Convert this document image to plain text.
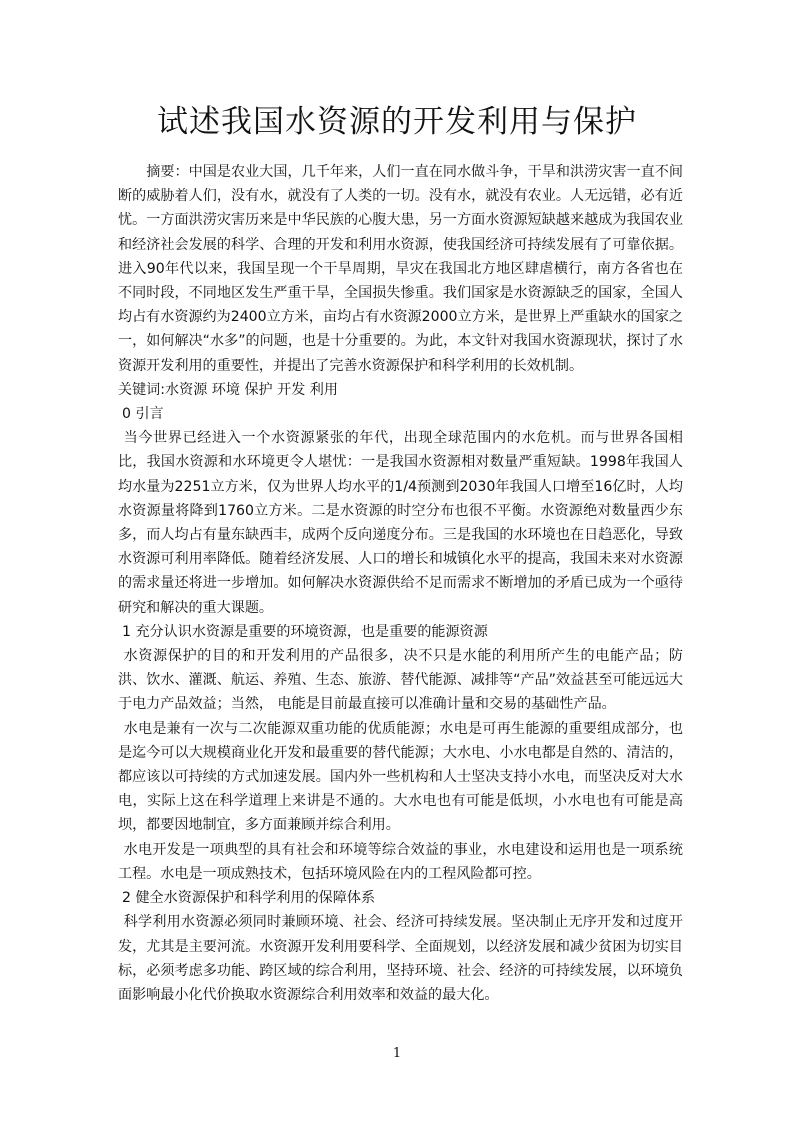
试述我国水资源的开发利用与保护

摘要：中国是农业大国，几千年来，人们一直在同水做斗争，干旱和洪涝灾害一直不间断的威胁着人们，没有水，就没有了人类的一切。没有水，就没有农业。人无远错，必有近忧。一方面洪涝灾害历来是中华民族的心腹大患，另一方面水资源短缺越来越成为我国农业和经济社会发展的科学、合理的开发和利用水资源，使我国经济可持续发展有了可靠依据。进入90年代以来，我国呈现一个干旱周期，旱灾在我国北方地区肆虐横行，南方各省也在不同时段，不同地区发生严重干旱，全国损失惨重。我们国家是水资源缺乏的国家，全国人均占有水资源约为2400立方米，亩均占有水资源2000立方米，是世界上严重缺水的国家之一，如何解决“水多”的问题，也是十分重要的。为此，本文针对我国水资源现状，探讨了水资源开发利用的重要性，并提出了完善水资源保护和科学利用的长效机制。

关键词:水资源 环境 保护 开发 利用

0 引言

当今世界已经进入一个水资源紧张的年代，出现全球范围内的水危机。而与世界各国相比，我国水资源和水环境更令人堪忧：一是我国水资源相对数量严重短缺。1998年我国人均水量为2251立方米，仅为世界人均水平的1/4预测到2030年我国人口增至16亿时，人均水资源量将降到1760立方米。二是水资源的时空分布也很不平衡。水资源绝对数量西少东多，而人均占有量东缺西丰，成两个反向递度分布。三是我国的水环境也在日趋恶化，导致水资源可利用率降低。随着经济发展、人口的增长和城镇化水平的提高，我国未来对水资源的需求量还将进一步增加。如何解决水资源供给不足而需求不断增加的矛盾已成为一个亟待研究和解决的重大课题。

1 充分认识水资源是重要的环境资源，也是重要的能源资源

水资源保护的目的和开发利用的产品很多，决不只是水能的利用所产生的电能产品；防洪、饮水、灌溉、航运、养殖、生态、旅游、替代能源、减排等“产品”效益甚至可能远远大于电力产品效益；当然， 电能是目前最直接可以准确计量和交易的基础性产品。

水电是兼有一次与二次能源双重功能的优质能源；水电是可再生能源的重要组成部分，也是迄今可以大规模商业化开发和最重要的替代能源；大水电、小水电都是自然的、清洁的，都应该以可持续的方式加速发展。国内外一些机构和人士坚决支持小水电，而坚决反对大水电，实际上这在科学道理上来讲是不通的。大水电也有可能是低坝，小水电也有可能是高坝，都要因地制宜，多方面兼顾并综合利用。

水电开发是一项典型的具有社会和环境等综合效益的事业，水电建设和运用也是一项系统工程。水电是一项成熟技术，包括环境风险在内的工程风险都可控。

2 健全水资源保护和科学利用的保障体系

科学利用水资源必须同时兼顾环境、社会、经济可持续发展。坚决制止无序开发和过度开发，尤其是主要河流。水资源开发利用要科学、全面规划，以经济发展和减少贫困为切实目标，必须考虑多功能、跨区域的综合利用，坚持环境、社会、经济的可持续发展，以环境负面影响最小化代价换取水资源综合利用效率和效益的最大化。

1
